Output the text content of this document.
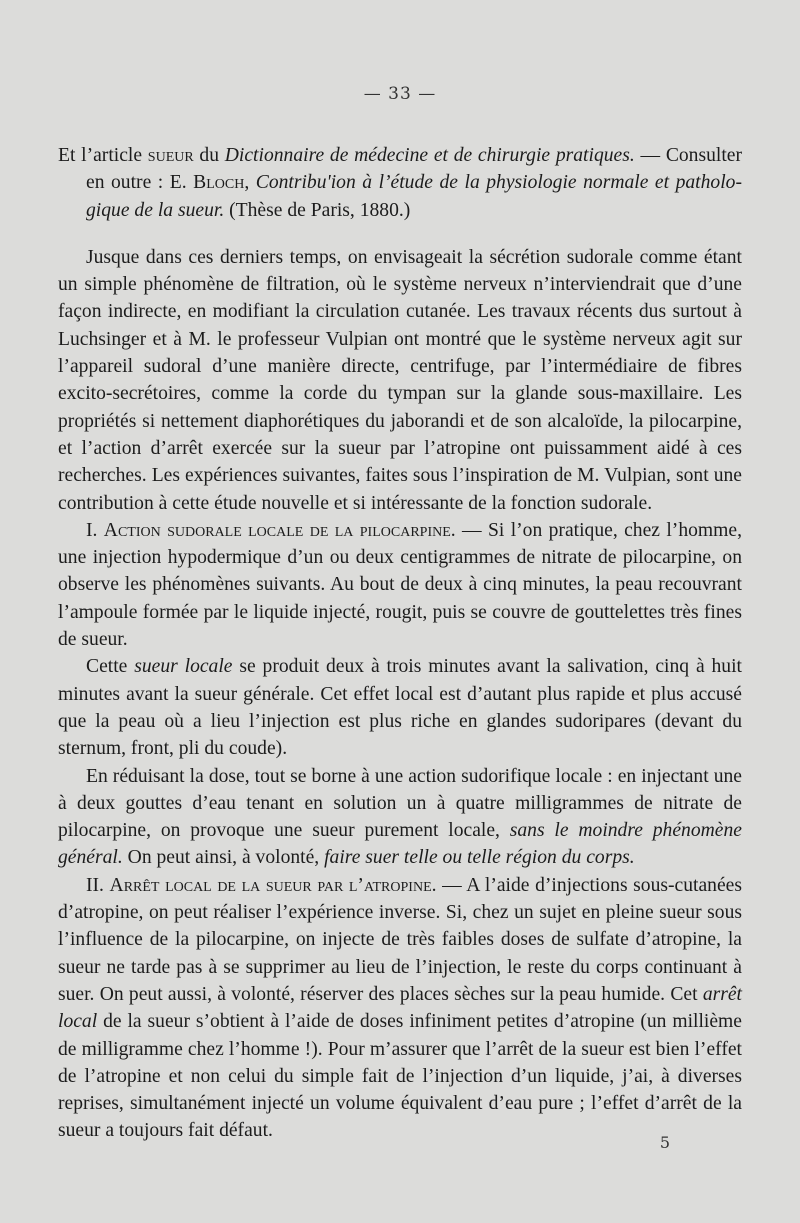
— 33 —

Et l’article sueur du Dictionnaire de médecine et de chirurgie pratiques. — Consulter en outre : E. Bloch, Contribu'ion à l’étude de la physiologie normale et pathologique de la sueur. (Thèse de Paris, 1880.)

Jusque dans ces derniers temps, on envisageait la sécrétion sudorale comme étant un simple phénomène de filtration, où le système nerveux n’interviendrait que d’une façon indirecte, en modifiant la circulation cutanée. Les travaux récents dus surtout à Luchsinger et à M. le professeur Vulpian ont montré que le système nerveux agit sur l’appareil sudoral d’une manière directe, centrifuge, par l’intermédiaire de fibres excito-secrétoires, comme la corde du tympan sur la glande sous-maxillaire. Les propriétés si nettement diaphorétiques du jaborandi et de son alcaloïde, la pilocarpine, et l’action d’arrêt exercée sur la sueur par l’atropine ont puissamment aidé à ces recherches. Les expériences suivantes, faites sous l’inspiration de M. Vulpian, sont une contribution à cette étude nouvelle et si intéressante de la fonction sudorale.

I. Action sudorale locale de la pilocarpine. — Si l’on pratique, chez l’homme, une injection hypodermique d’un ou deux centigrammes de nitrate de pilocarpine, on observe les phénomènes suivants. Au bout de deux à cinq minutes, la peau recouvrant l’ampoule formée par le liquide injecté, rougit, puis se couvre de gouttelettes très fines de sueur.

Cette sueur locale se produit deux à trois minutes avant la salivation, cinq à huit minutes avant la sueur générale. Cet effet local est d’autant plus rapide et plus accusé que la peau où a lieu l’injection est plus riche en glandes sudoripares (devant du sternum, front, pli du coude).

En réduisant la dose, tout se borne à une action sudorifique locale : en injectant une à deux gouttes d’eau tenant en solution un à quatre milligrammes de nitrate de pilocarpine, on provoque une sueur purement locale, sans le moindre phénomène général. On peut ainsi, à volonté, faire suer telle ou telle région du corps.

II. Arrêt local de la sueur par l’atropine. — A l’aide d’injections sous-cutanées d’atropine, on peut réaliser l’expérience inverse. Si, chez un sujet en pleine sueur sous l’influence de la pilocarpine, on injecte de très faibles doses de sulfate d’atropine, la sueur ne tarde pas à se supprimer au lieu de l’injection, le reste du corps continuant à suer. On peut aussi, à volonté, réserver des places sèches sur la peau humide. Cet arrêt local de la sueur s’obtient à l’aide de doses infiniment petites d’atropine (un millième de milligramme chez l’homme !). Pour m’assurer que l’arrêt de la sueur est bien l’effet de l’atropine et non celui du simple fait de l’injection d’un liquide, j’ai, à diverses reprises, simultanément injecté un volume équivalent d’eau pure ; l’effet d’arrêt de la sueur a toujours fait défaut.

5
